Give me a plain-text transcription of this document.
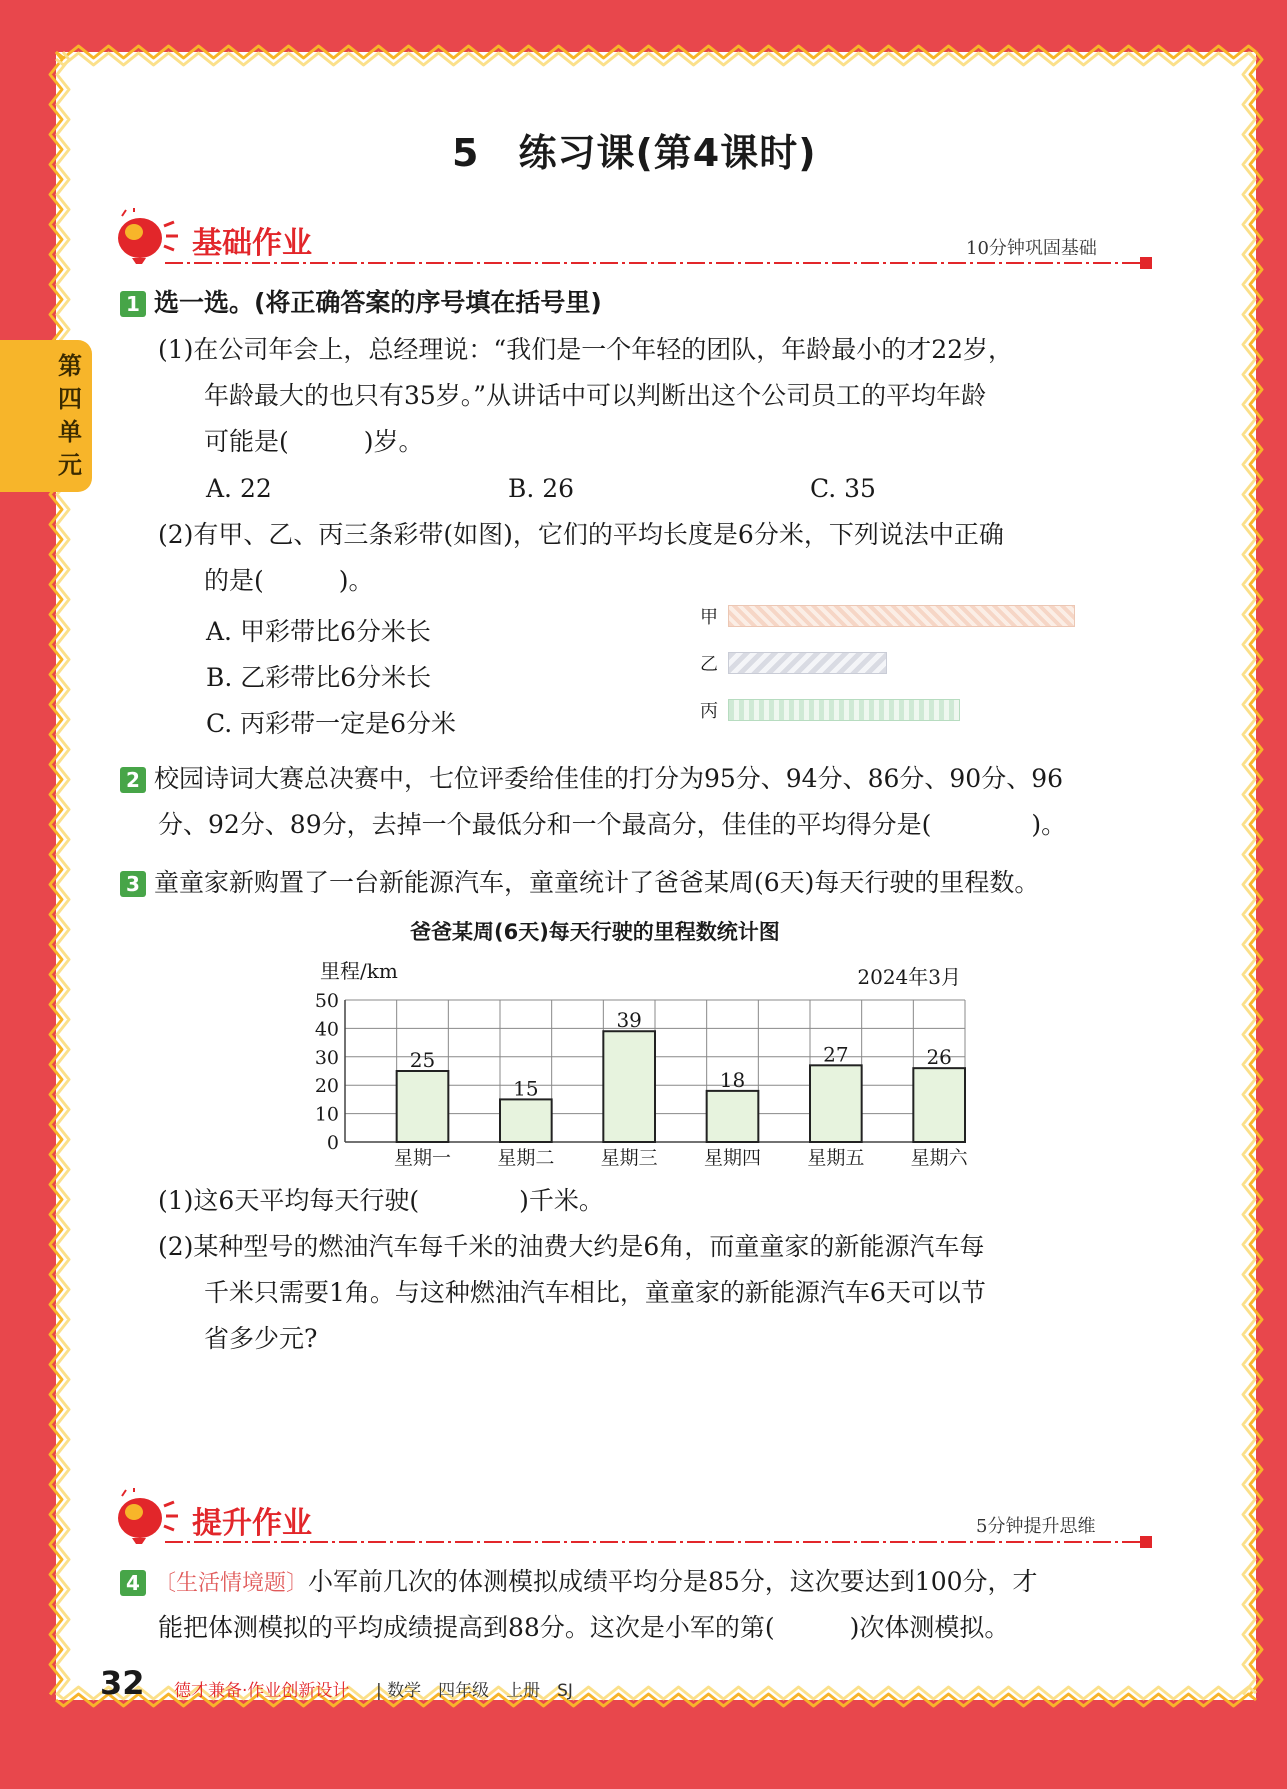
第四单元
5　练习课(第4课时)
基础作业	10分钟巩固基础
1 选一选。(将正确答案的序号填在括号里)
(1)在公司年会上，总经理说：“我们是一个年轻的团队，年龄最小的才22岁，
年龄最大的也只有35岁。”从讲话中可以判断出这个公司员工的平均年龄
可能是(　　　)岁。
A. 22	B. 26	C. 35
(2)有甲、乙、丙三条彩带(如图)，它们的平均长度是6分米，下列说法中正确
的是(　　　)。
A. 甲彩带比6分米长
B. 乙彩带比6分米长
C. 丙彩带一定是6分米
甲
乙
丙
2 校园诗词大赛总决赛中，七位评委给佳佳的打分为95分、94分、86分、90分、96
分、92分、89分，去掉一个最低分和一个最高分，佳佳的平均得分是(　　　　)。
3 童童家新购置了一台新能源汽车，童童统计了爸爸某周(6天)每天行驶的里程数。
爸爸某周(6天)每天行驶的里程数统计图
里程/km	2024年3月
0
10
20
30
40
50
25
星期一
15
星期二
39
星期三
18
星期四
27
星期五
26
星期六
(1)这6天平均每天行驶(　　　　)千米。
(2)某种型号的燃油汽车每千米的油费大约是6角，而童童家的新能源汽车每
千米只需要1角。与这种燃油汽车相比，童童家的新能源汽车6天可以节
省多少元?
提升作业	5分钟提升思维
4 〔生活情境题〕小军前几次的体测模拟成绩平均分是85分，这次要达到100分，才
能把体测模拟的平均成绩提高到88分。这次是小军的第(　　　)次体测模拟。
32 德才兼备·作业创新设计 | 数学　四年级　上册　SJ
